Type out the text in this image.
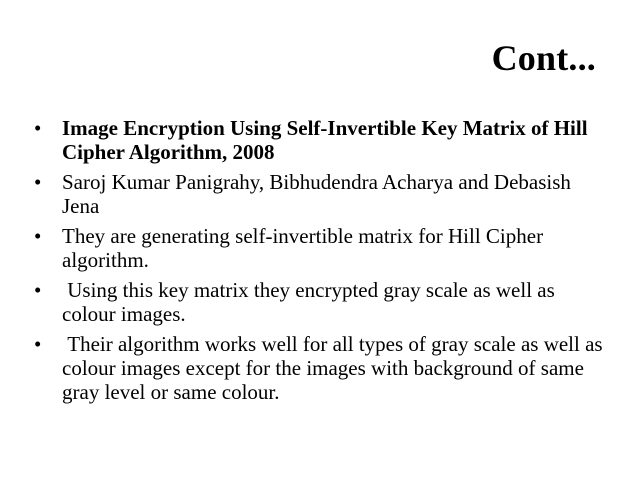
Cont...
• Image Encryption Using Self-Invertible Key Matrix of Hill Cipher Algorithm, 2008
• Saroj Kumar Panigrahy, Bibhudendra Acharya and Debasish Jena
• They are generating self-invertible matrix for Hill Cipher algorithm.
• Using this key matrix they encrypted gray scale as well as colour images.
• Their algorithm works well for all types of gray scale as well as colour images except for the images with background of same gray level or same colour.
